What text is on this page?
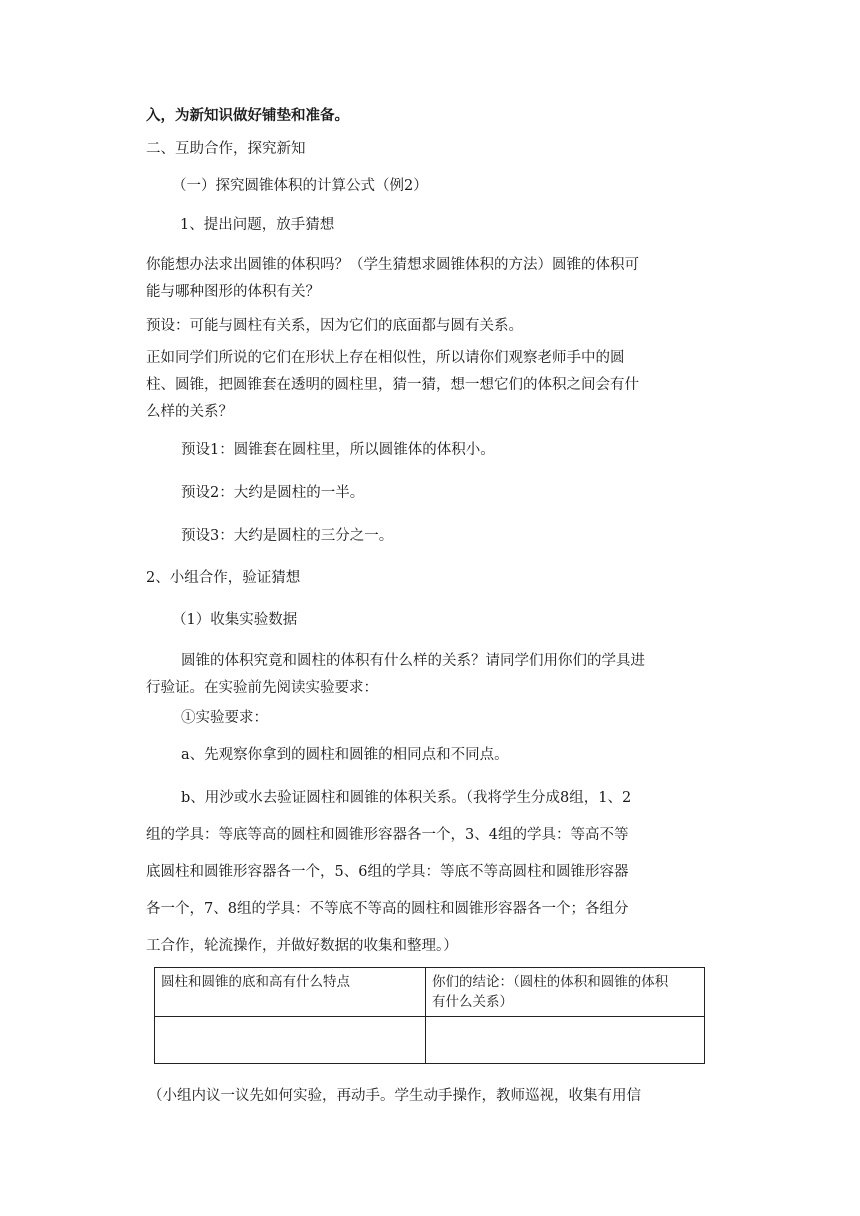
入，为新知识做好铺垫和准备。
二、互助合作，探究新知
（一）探究圆锥体积的计算公式（例2）
1、提出问题，放手猜想
你能想办法求出圆锥的体积吗？（学生猜想求圆锥体积的方法）圆锥的体积可
能与哪种图形的体积有关？
预设：可能与圆柱有关系，因为它们的底面都与圆有关系。
正如同学们所说的它们在形状上存在相似性，所以请你们观察老师手中的圆
柱、圆锥，把圆锥套在透明的圆柱里，猜一猜，想一想它们的体积之间会有什
么样的关系？
预设1：圆锥套在圆柱里，所以圆锥体的体积小。
预设2：大约是圆柱的一半。
预设3：大约是圆柱的三分之一。
2、小组合作，验证猜想
（1）收集实验数据
圆锥的体积究竟和圆柱的体积有什么样的关系？请同学们用你们的学具进
行验证。在实验前先阅读实验要求：
①实验要求：
a、先观察你拿到的圆柱和圆锥的相同点和不同点。
b、用沙或水去验证圆柱和圆锥的体积关系。（我将学生分成8组，1、2
组的学具：等底等高的圆柱和圆锥形容器各一个，3、4组的学具：等高不等
底圆柱和圆锥形容器各一个，5、6组的学具：等底不等高圆柱和圆锥形容器
各一个，7、8组的学具：不等底不等高的圆柱和圆锥形容器各一个；各组分
工合作，轮流操作，并做好数据的收集和整理。）
圆柱和圆锥的底和高有什么特点	你们的结论：（圆柱的体积和圆锥的体积
有什么关系）

（小组内议一议先如何实验，再动手。学生动手操作，教师巡视，收集有用信
